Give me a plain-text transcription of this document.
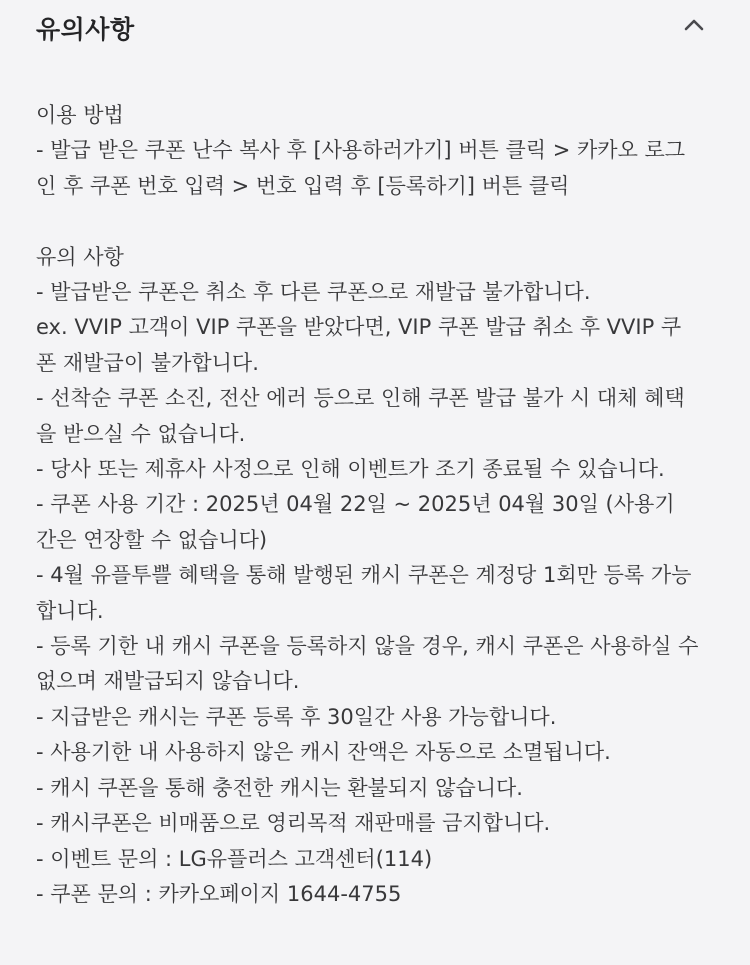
유의사항

이용 방법

- 발급 받은 쿠폰 난수 복사 후 [사용하러가기] 버튼 클릭 > 카카오 로그

인 후 쿠폰 번호 입력 > 번호 입력 후 [등록하기] 버튼 클릭

유의 사항

- 발급받은 쿠폰은 취소 후 다른 쿠폰으로 재발급 불가합니다.

ex. VVIP 고객이 VIP 쿠폰을 받았다면, VIP 쿠폰 발급 취소 후 VVIP 쿠

폰 재발급이 불가합니다.

- 선착순 쿠폰 소진, 전산 에러 등으로 인해 쿠폰 발급 불가 시 대체 혜택

을 받으실 수 없습니다.

- 당사 또는 제휴사 사정으로 인해 이벤트가 조기 종료될 수 있습니다.

- 쿠폰 사용 기간 : 2025년 04월 22일 ~ 2025년 04월 30일 (사용기

간은 연장할 수 없습니다)

- 4월 유플투쁠 혜택을 통해 발행된 캐시 쿠폰은 계정당 1회만 등록 가능

합니다.

- 등록 기한 내 캐시 쿠폰을 등록하지 않을 경우, 캐시 쿠폰은 사용하실 수

없으며 재발급되지 않습니다.

- 지급받은 캐시는 쿠폰 등록 후 30일간 사용 가능합니다.

- 사용기한 내 사용하지 않은 캐시 잔액은 자동으로 소멸됩니다.

- 캐시 쿠폰을 통해 충전한 캐시는 환불되지 않습니다.

- 캐시쿠폰은 비매품으로 영리목적 재판매를 금지합니다.

- 이벤트 문의 : LG유플러스 고객센터(114)

- 쿠폰 문의 : 카카오페이지 1644-4755
